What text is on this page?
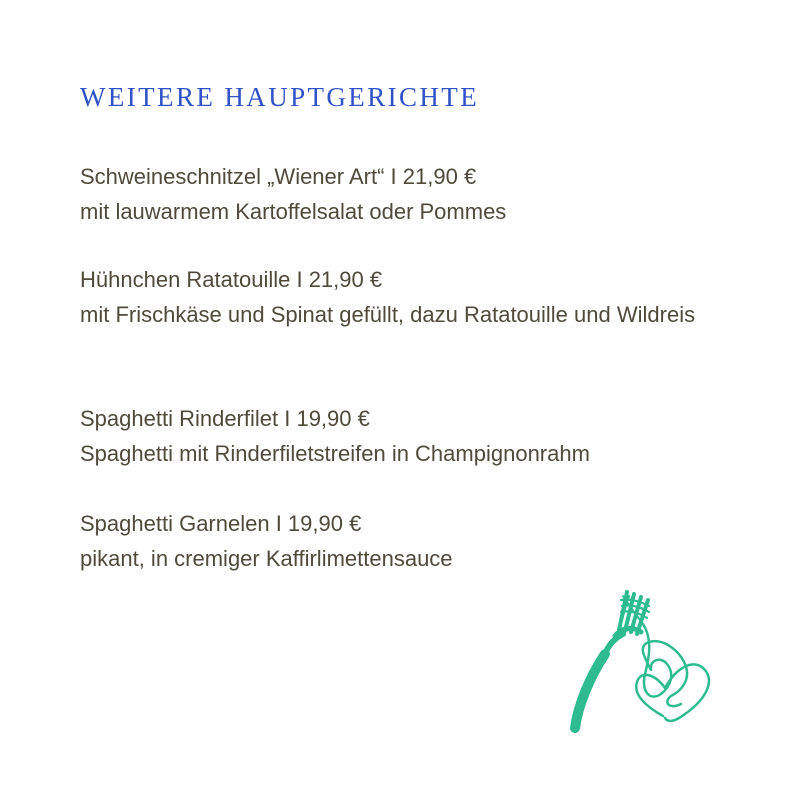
WEITERE HAUPTGERICHTE
Schweineschnitzel „Wiener Art“ I 21,90 €
mit lauwarmem Kartoffelsalat oder Pommes
Hühnchen Ratatouille I 21,90 €
mit Frischkäse und Spinat gefüllt, dazu Ratatouille und Wildreis
Spaghetti Rinderfilet I 19,90 €
Spaghetti mit Rinderfiletstreifen in Champignonrahm
Spaghetti Garnelen I 19,90 €
pikant, in cremiger Kaffirlimettensauce
